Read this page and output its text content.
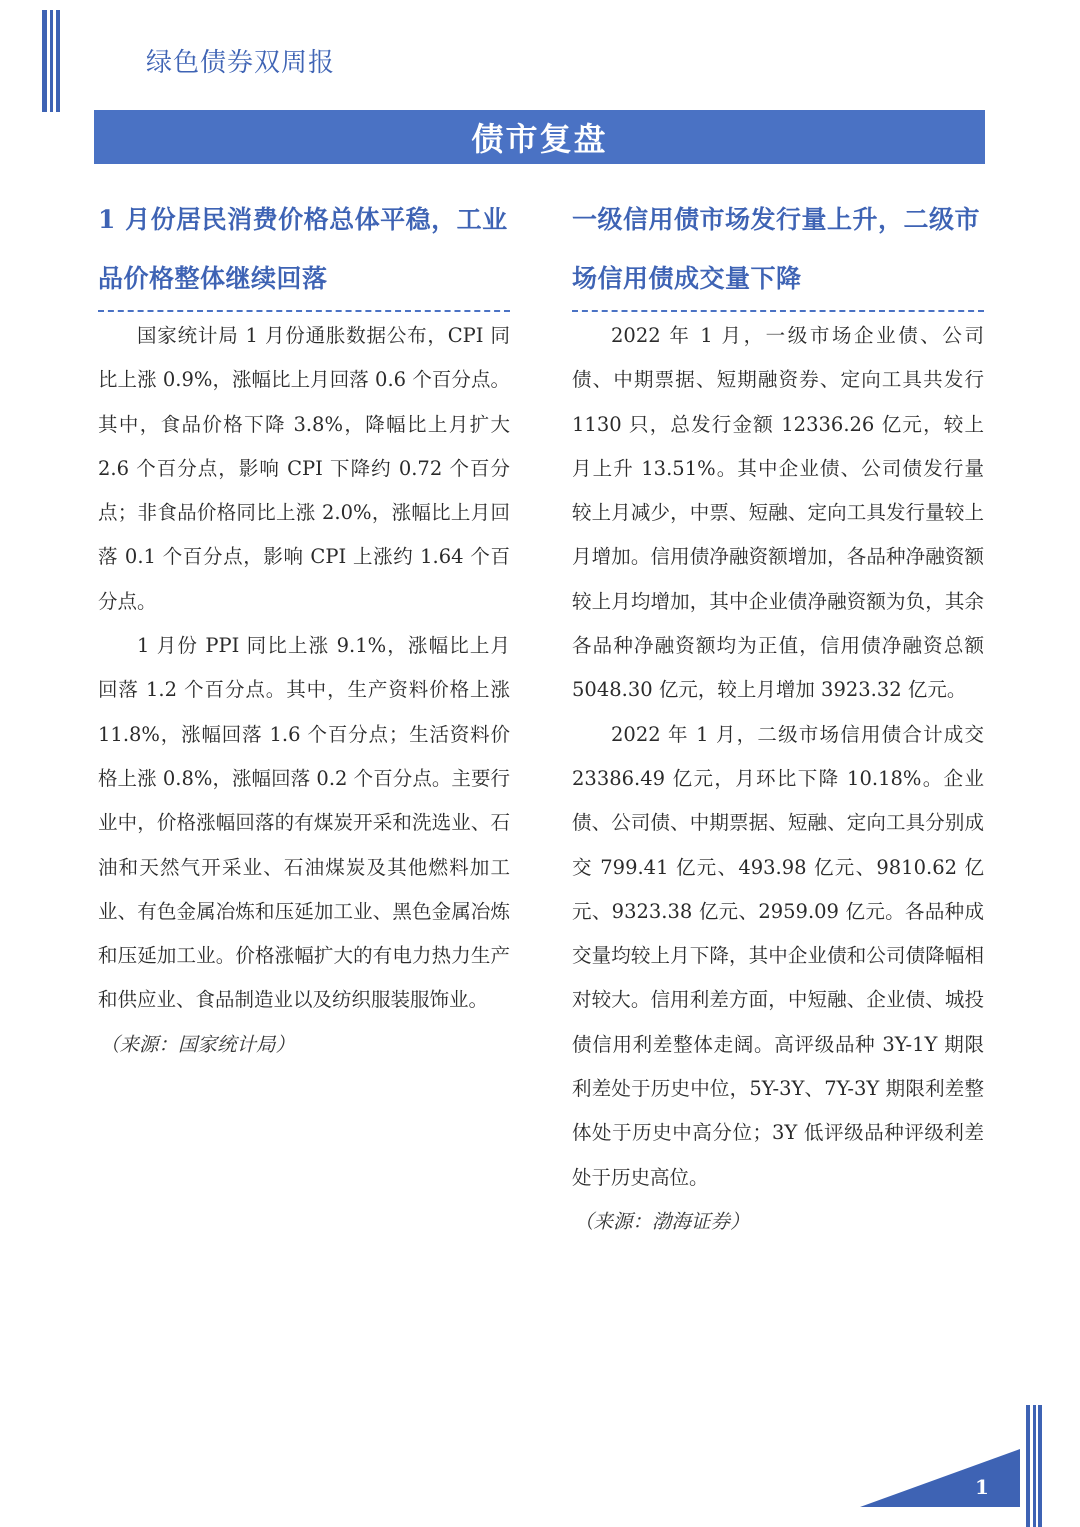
绿色债券双周报
债市复盘
1 月份居民消费价格总体平稳，工业品价格整体继续回落

国家统计局 1 月份通胀数据公布，CPI 同比上涨 0.9%，涨幅比上月回落 0.6 个百分点。其中，食品价格下降 3.8%，降幅比上月扩大 2.6 个百分点，影响 CPI 下降约 0.72 个百分点；非食品价格同比上涨 2.0%，涨幅比上月回落 0.1 个百分点，影响 CPI 上涨约 1.64 个百分点。

1 月份 PPI 同比上涨 9.1%，涨幅比上月回落 1.2 个百分点。其中，生产资料价格上涨 11.8%，涨幅回落 1.6 个百分点；生活资料价格上涨 0.8%，涨幅回落 0.2 个百分点。主要行业中，价格涨幅回落的有煤炭开采和洗选业、石油和天然气开采业、石油煤炭及其他燃料加工业、有色金属冶炼和压延加工业、黑色金属冶炼和压延加工业。价格涨幅扩大的有电力热力生产和供应业、食品制造业以及纺织服装服饰业。

（来源：国家统计局）

一级信用债市场发行量上升，二级市场信用债成交量下降

2022 年 1 月，一级市场企业债、公司债、中期票据、短期融资券、定向工具共发行 1130 只，总发行金额 12336.26 亿元，较上月上升 13.51%。其中企业债、公司债发行量较上月减少，中票、短融、定向工具发行量较上月增加。信用债净融资额增加，各品种净融资额较上月均增加，其中企业债净融资额为负，其余各品种净融资额均为正值，信用债净融资总额 5048.30 亿元，较上月增加 3923.32 亿元。

2022 年 1 月，二级市场信用债合计成交 23386.49 亿元，月环比下降 10.18%。企业债、公司债、中期票据、短融、定向工具分别成交 799.41 亿元、493.98 亿元、9810.62 亿元、9323.38 亿元、2959.09 亿元。各品种成交量均较上月下降，其中企业债和公司债降幅相对较大。信用利差方面，中短融、企业债、城投债信用利差整体走阔。高评级品种 3Y-1Y 期限利差处于历史中位，5Y-3Y、7Y-3Y 期限利差整体处于历史中高分位；3Y 低评级品种评级利差处于历史高位。

（来源：渤海证券）

1
